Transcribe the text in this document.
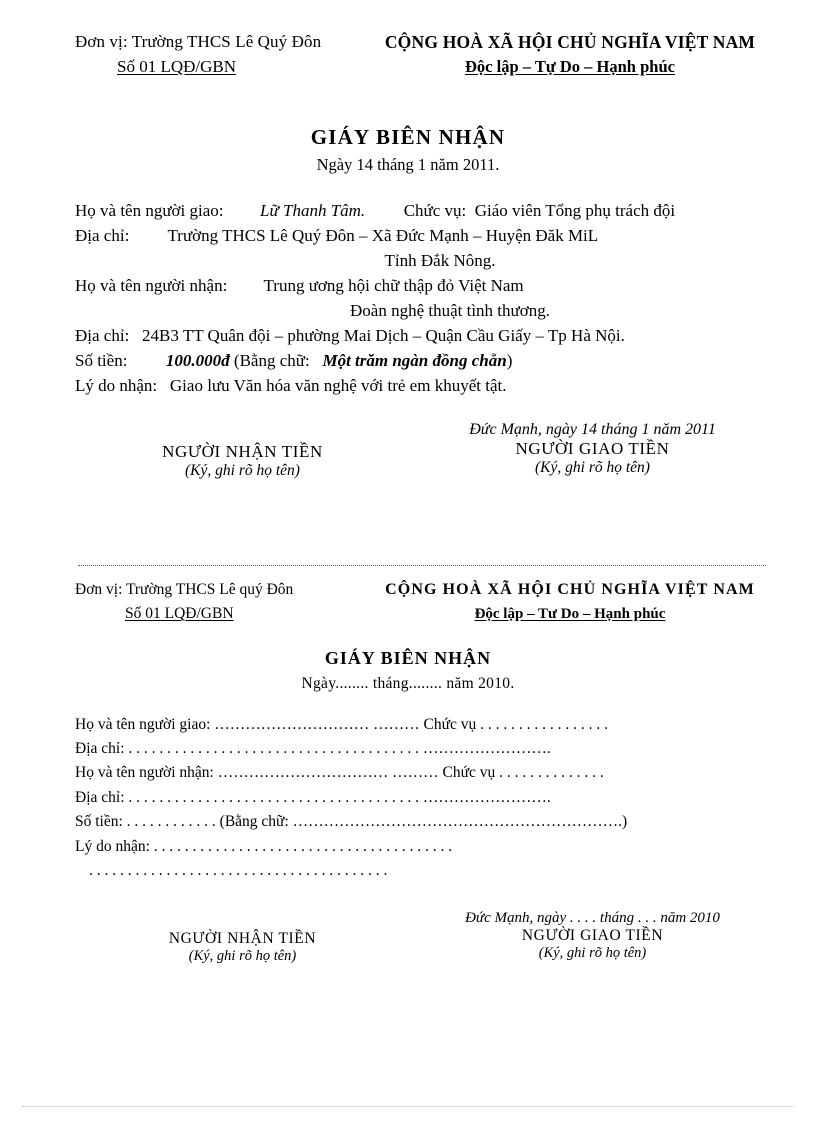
Đơn vị: Trường THCS Lê Quý Đôn	CỘNG HOÀ XÃ HỘI CHỦ NGHĨA VIỆT NAM
Số 01 LQĐ/GBN	Độc lập – Tự Do – Hạnh phúc
GIÁY BIÊN NHẬN
Ngày 14 tháng 1 năm 2011.
Họ và tên người giao: Lữ Thanh Tâm. Chức vụ: Giáo viên Tổng phụ trách đội
Địa chỉ: Trường THCS Lê Quý Đôn – Xã Đức Mạnh – Huyện Đăk MiL
Tỉnh Đắk Nông.
Họ và tên người nhận: Trung ương hội chữ thập đỏ Việt Nam
Đoàn nghệ thuật tình thương.
Địa chỉ: 24B3 TT Quân đội – phường Mai Dịch – Quận Cầu Giấy – Tp Hà Nội.
Số tiền: 100.000đ (Bằng chữ: Một trăm ngàn đồng chẵn)
Lý do nhận: Giao lưu Văn hóa văn nghệ với trẻ em khuyết tật.
NGƯỜI NHẬN TIỀN
(Ký, ghi rõ họ tên)
Đức Mạnh, ngày 14 tháng 1 năm 2011
NGƯỜI GIAO TIỀN
(Ký, ghi rõ họ tên)
Đơn vị: Trường THCS Lê quý Đôn	CỘNG HOÀ XÃ HỘI CHỦ NGHĨA VIỆT NAM
Số 01 LQĐ/GBN	Độc lập – Tư Do – Hạnh phúc
GIÁY BIÊN NHẬN
Ngày........ tháng........ năm 2010.
Họ và tên người giao: ………………………… ……… Chức vụ . . . . . . . . . . . . . . . . .
Địa chỉ: . . . . . . . . . . . . . . . . . . . . . . . . . . . . . . . . . . . . . . …………………….
Họ và tên người nhận: …………………………… ……… Chức vụ . . . . . . . . . . . . . .
Địa chỉ: . . . . . . . . . . . . . . . . . . . . . . . . . . . . . . . . . . . . . . …………………….
Số tiền: . . . . . . . . . . . . (Bằng chữ: ……………………………………………………….)
Lý do nhận: . . . . . . . . . . . . . . . . . . . . . . . . . . . . . . . . . . . . . . .
. . . . . . . . . . . . . . . . . . . . . . . . . . . . . . . . . . . . . . .
NGƯỜI NHẬN TIỀN
(Ký, ghi rõ họ tên)
Đức Mạnh, ngày . . . . tháng . . . năm 2010
NGƯỜI GIAO TIỀN
(Ký, ghi rõ họ tên)
